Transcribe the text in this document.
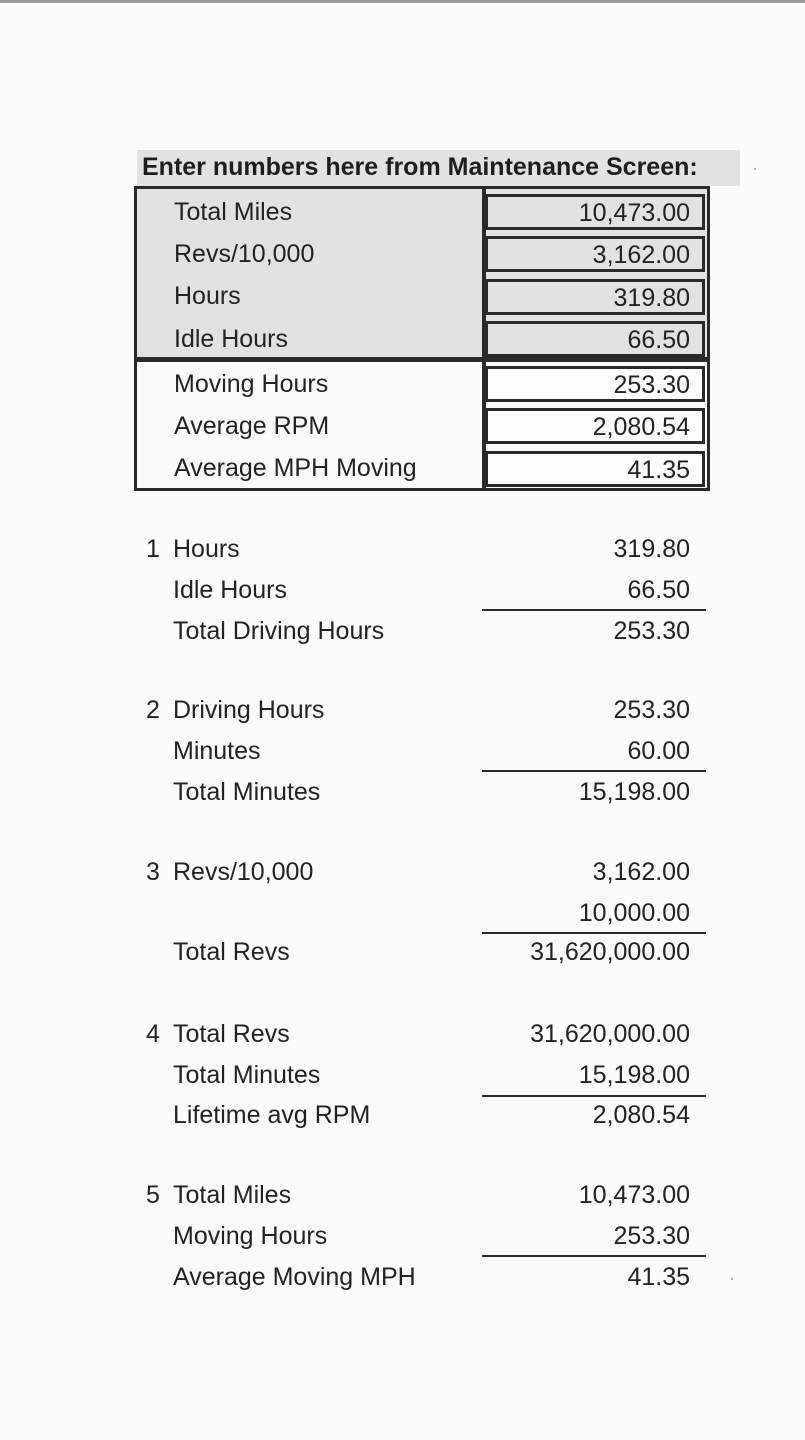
Enter numbers here from Maintenance Screen:
Total Miles	10,473.00
Revs/10,000	3,162.00
Hours	319.80
Idle Hours	66.50
Moving Hours	253.30
Average RPM	2,080.54
Average MPH Moving	41.35
1 Hours	319.80
Idle Hours	66.50
Total Driving Hours	253.30
2 Driving Hours	253.30
Minutes	60.00
Total Minutes	15,198.00
3 Revs/10,000	3,162.00
10,000.00
Total Revs	31,620,000.00
4 Total Revs	31,620,000.00
Total Minutes	15,198.00
Lifetime avg RPM	2,080.54
5 Total Miles	10,473.00
Moving Hours	253.30
Average Moving MPH	41.35
